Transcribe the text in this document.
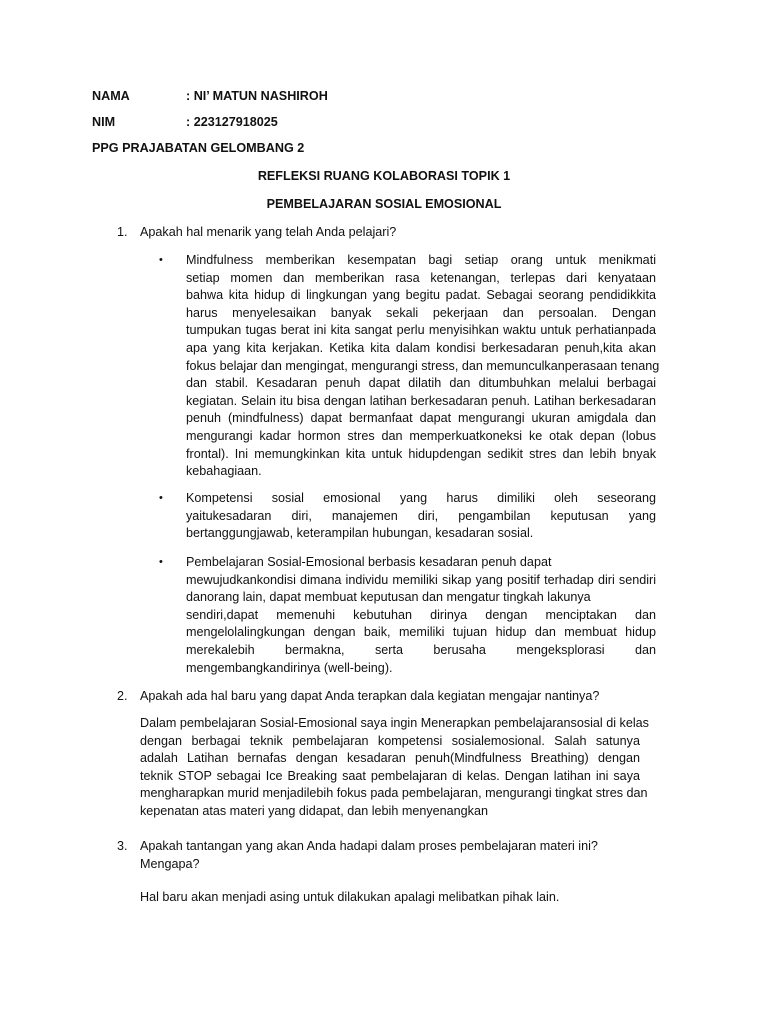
NAMA	: NI’ MATUN NASHIROH
NIM	: 223127918025
PPG PRAJABATAN GELOMBANG 2
REFLEKSI RUANG KOLABORASI TOPIK 1
PEMBELAJARAN SOSIAL EMOSIONAL
1. Apakah hal menarik yang telah Anda pelajari?
• Mindfulness memberikan kesempatan bagi setiap orang untuk menikmati
setiap momen dan memberikan rasa ketenangan, terlepas dari kenyataan
bahwa kita hidup di lingkungan yang begitu padat. Sebagai seorang pendidikkita
harus menyelesaikan banyak sekali pekerjaan dan persoalan. Dengan
tumpukan tugas berat ini kita sangat perlu menyisihkan waktu untuk perhatianpada
apa yang kita kerjakan. Ketika kita dalam kondisi berkesadaran penuh,kita akan
fokus belajar dan mengingat, mengurangi stress, dan memunculkanperasaan tenang
dan stabil. Kesadaran penuh dapat dilatih dan ditumbuhkan melalui berbagai
kegiatan. Selain itu bisa dengan latihan berkesadaran penuh. Latihan berkesadaran
penuh (mindfulness) dapat bermanfaat dapat mengurangi ukuran amigdala dan
mengurangi kadar hormon stres dan memperkuatkoneksi ke otak depan (lobus
frontal). Ini memungkinkan kita untuk hidupdengan sedikit stres dan lebih bnyak
kebahagiaan.
• Kompetensi sosial emosional yang harus dimiliki oleh seseorang
yaitukesadaran diri, manajemen diri, pengambilan keputusan yang
bertanggungjawab, keterampilan hubungan, kesadaran sosial.
• Pembelajaran Sosial-Emosional berbasis kesadaran penuh dapat
mewujudkankondisi dimana individu memiliki sikap yang positif terhadap diri sendiri
danorang lain, dapat membuat keputusan dan mengatur tingkah lakunya
sendiri,dapat memenuhi kebutuhan dirinya dengan menciptakan dan
mengelolalingkungan dengan baik, memiliki tujuan hidup dan membuat hidup
merekalebih bermakna, serta berusaha mengeksplorasi dan
mengembangkandirinya (well-being).
2. Apakah ada hal baru yang dapat Anda terapkan dala kegiatan mengajar nantinya?
Dalam pembelajaran Sosial-Emosional saya ingin Menerapkan pembelajaransosial di kelas
dengan berbagai teknik pembelajaran kompetensi sosialemosional. Salah satunya
adalah Latihan bernafas dengan kesadaran penuh(Mindfulness Breathing) dengan
teknik STOP sebagai Ice Breaking saat pembelajaran di kelas. Dengan latihan ini saya
mengharapkan murid menjadilebih fokus pada pembelajaran, mengurangi tingkat stres dan
kepenatan atas materi yang didapat, dan lebih menyenangkan
3. Apakah tantangan yang akan Anda hadapi dalam proses pembelajaran materi ini?
Mengapa?
Hal baru akan menjadi asing untuk dilakukan apalagi melibatkan pihak lain.
